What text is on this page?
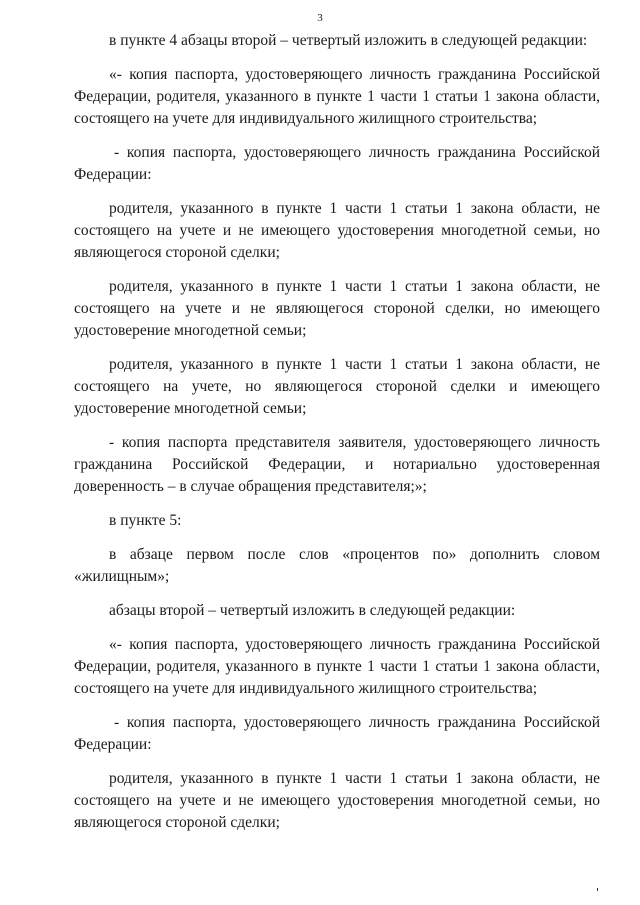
3

в пункте 4 абзацы второй – четвертый изложить в следующей редакции:

«- копия паспорта, удостоверяющего личность гражданина Российской Федерации, родителя, указанного в пункте 1 части 1 статьи 1 закона области, состоящего на учете для индивидуального жилищного строительства;

- копия паспорта, удостоверяющего личность гражданина Российской Федерации:

родителя, указанного в пункте 1 части 1 статьи 1 закона области, не состоящего на учете и не имеющего удостоверения многодетной семьи, но являющегося стороной сделки;

родителя, указанного в пункте 1 части 1 статьи 1 закона области, не состоящего на учете и не являющегося стороной сделки, но имеющего удостоверение многодетной семьи;

родителя, указанного в пункте 1 части 1 статьи 1 закона области, не состоящего на учете, но являющегося стороной сделки и имеющего удостоверение многодетной семьи;

- копия паспорта представителя заявителя, удостоверяющего личность гражданина Российской Федерации, и нотариально удостоверенная доверенность – в случае обращения представителя;»;

в пункте 5:

в абзаце первом после слов «процентов по» дополнить словом «жилищным»;

абзацы второй – четвертый изложить в следующей редакции:

«- копия паспорта, удостоверяющего личность гражданина Российской Федерации, родителя, указанного в пункте 1 части 1 статьи 1 закона области, состоящего на учете для индивидуального жилищного строительства;

- копия паспорта, удостоверяющего личность гражданина Российской Федерации:

родителя, указанного в пункте 1 части 1 статьи 1 закона области, не состоящего на учете и не имеющего удостоверения многодетной семьи, но являющегося стороной сделки;
